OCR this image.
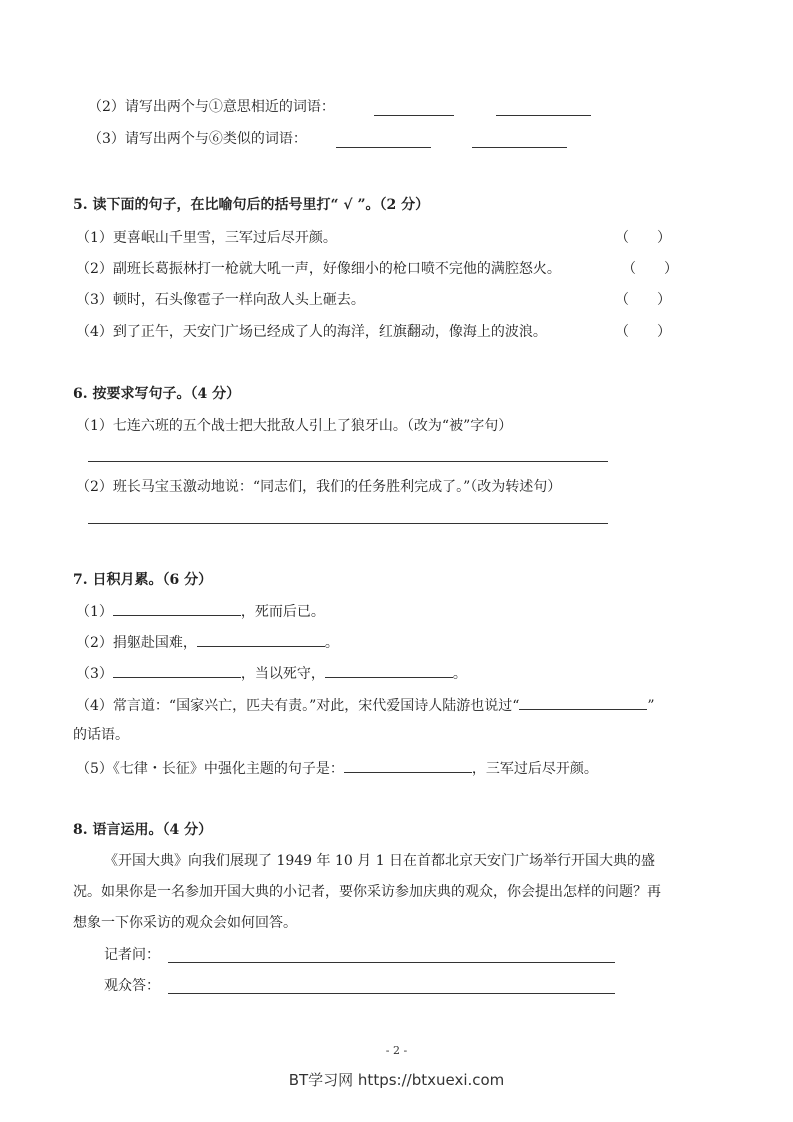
（2）请写出两个与①意思相近的词语：
（3）请写出两个与⑥类似的词语：
5. 读下面的句子，在比喻句后的括号里打“ √ ”。（2 分）
（1）更喜岷山千里雪，三军过后尽开颜。	（　　）
（2）副班长葛振林打一枪就大吼一声，好像细小的枪口喷不完他的满腔怒火。	（　　）
（3）顿时，石头像雹子一样向敌人头上砸去。	（　　）
（4）到了正午，天安门广场已经成了人的海洋，红旗翻动，像海上的波浪。	（　　）
6. 按要求写句子。（4 分）
（1）七连六班的五个战士把大批敌人引上了狼牙山。（改为“被”字句）
（2）班长马宝玉激动地说：“同志们，我们的任务胜利完成了。”（改为转述句）
7. 日积月累。（6 分）
（1）	，死而后已。
（2）捐躯赴国难，	。
（3）	，当以死守，	。
（4）常言道：“国家兴亡，匹夫有责。”对此，宋代爱国诗人陆游也说过“	”
的话语。
（5）《七律・长征》中强化主题的句子是：	，三军过后尽开颜。
8. 语言运用。（4 分）
《开国大典》向我们展现了 1949 年 10 月 1 日在首都北京天安门广场举行开国大典的盛
况。如果你是一名参加开国大典的小记者，要你采访参加庆典的观众，你会提出怎样的问题？再
想象一下你采访的观众会如何回答。
记者问：
观众答：
- 2 -
BT学习网 https://btxuexi.com
